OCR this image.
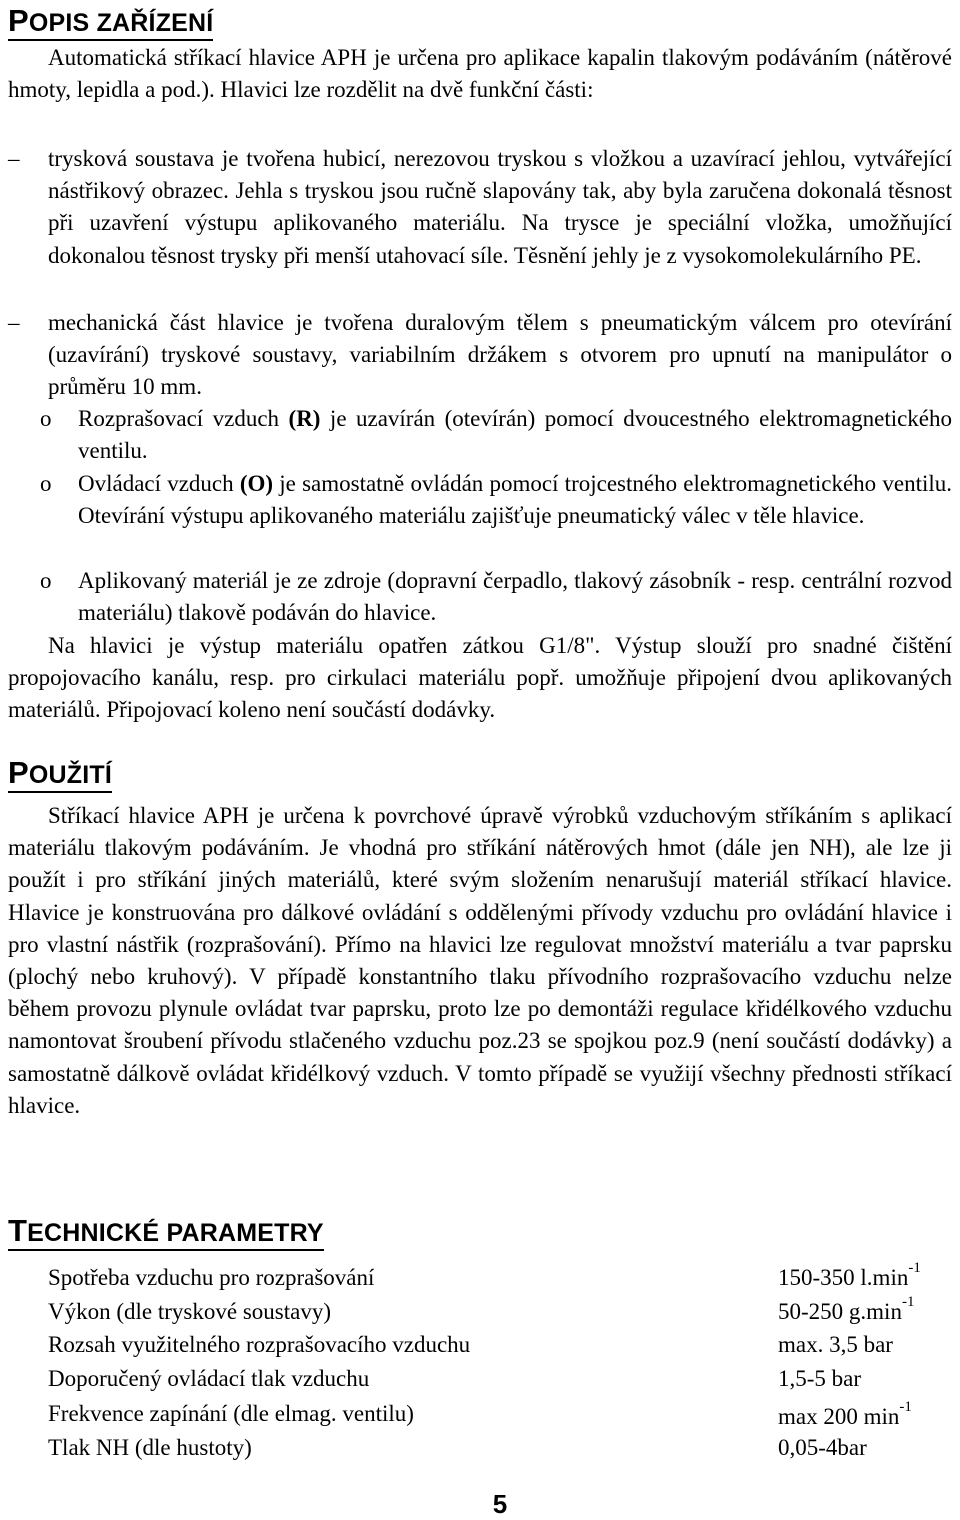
POPIS ZAŘÍZENÍ
Automatická stříkací hlavice APH je určena pro aplikace kapalin tlakovým podáváním (nátěrové hmoty, lepidla a pod.). Hlavici lze rozdělit na dvě funkční části:
– trysková soustava je tvořena hubicí, nerezovou tryskou s vložkou a uzavírací jehlou, vytvářející nástřikový obrazec. Jehla s tryskou jsou ručně slapovány tak, aby byla zaručena dokonalá těsnost při uzavření výstupu aplikovaného materiálu. Na trysce je speciální vložka, umožňující dokonalou těsnost trysky při menší utahovací síle. Těsnění jehly je z vysokomolekulárního PE.
– mechanická část hlavice je tvořena duralovým tělem s pneumatickým válcem pro otevírání (uzavírání) tryskové soustavy, variabilním držákem s otvorem pro upnutí na manipulátor o průměru 10 mm.
o Rozprašovací vzduch (R) je uzavírán (otevírán) pomocí dvoucestného elektromagnetického ventilu.
o Ovládací vzduch (O) je samostatně ovládán pomocí trojcestného elektromagnetického ventilu. Otevírání výstupu aplikovaného materiálu zajišťuje pneumatický válec v těle hlavice.
o Aplikovaný materiál je ze zdroje (dopravní čerpadlo, tlakový zásobník - resp. centrální rozvod materiálu) tlakově podáván do hlavice.
Na hlavici je výstup materiálu opatřen zátkou G1/8". Výstup slouží pro snadné čištění propojovacího kanálu, resp. pro cirkulaci materiálu popř. umožňuje připojení dvou aplikovaných materiálů. Připojovací koleno není součástí dodávky.
POUŽITÍ
Stříkací hlavice APH je určena k povrchové úpravě výrobků vzduchovým stříkáním s aplikací materiálu tlakovým podáváním. Je vhodná pro stříkání nátěrových hmot (dále jen NH), ale lze ji použít i pro stříkání jiných materiálů, které svým složením nenarušují materiál stříkací hlavice. Hlavice je konstruována pro dálkové ovládání s oddělenými přívody vzduchu pro ovládání hlavice i pro vlastní nástřik (rozprašování). Přímo na hlavici lze regulovat množství materiálu a tvar paprsku (plochý nebo kruhový). V případě konstantního tlaku přívodního rozprašovacího vzduchu nelze během provozu plynule ovládat tvar paprsku, proto lze po demontáži regulace křidélkového vzduchu namontovat šroubení přívodu stlačeného vzduchu poz.23 se spojkou poz.9 (není součástí dodávky) a samostatně dálkově ovládat křidélkový vzduch. V tomto případě se využijí všechny přednosti stříkací hlavice.
TECHNICKÉ PARAMETRY
Spotřeba vzduchu pro rozprašování	150-350 $l.\min^{-1}$
Výkon (dle tryskové soustavy)	50-250 $g.\min^{-1}$
Rozsah využitelného rozprašovacího vzduchu	max. 3,5 bar
Doporučený ovládací tlak vzduchu	1,5-5 bar
Frekvence zapínání (dle elmag. ventilu)	max 200 $\min^{-1}$
Tlak NH (dle hustoty)	0,05-4bar
5
